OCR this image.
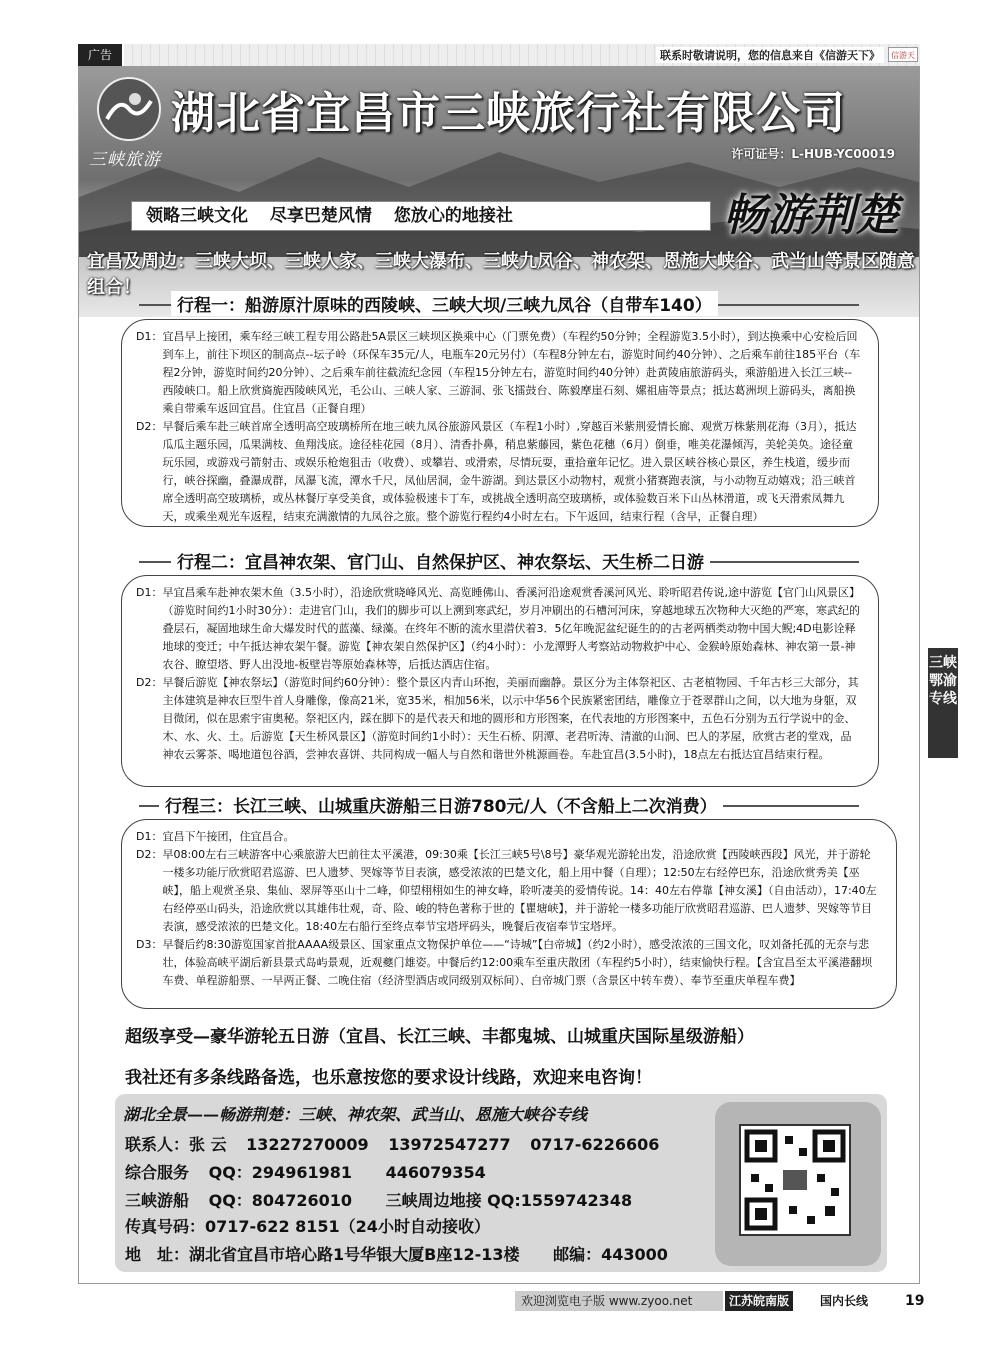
广告	联系时敬请说明，您的信息来自《信游天下》	信游天
三峡旅游
湖北省宜昌市三峡旅行社有限公司
许可证号：L-HUB-YC00019
领略三峡文化 尽享巴楚风情 您放心的地接社	畅游荆楚
宜昌及周边：三峡大坝、三峡人家、三峡大瀑布、三峡九凤谷、神农架、恩施大峡谷、武当山等景区随意组合！
行程一：船游原汁原味的西陵峡、三峡大坝/三峡九凤谷（自带车140）
D1： 宜昌早上接团，乘车经三峡工程专用公路赴5A景区三峡坝区换乘中心（门票免费）（车程约50分钟；全程游览3.5小时），到达换乘中心安检后回到车上，前往下坝区的制高点--坛子岭（环保车35元/人，电瓶车20元另付）（车程8分钟左右，游览时间约40分钟）、之后乘车前往185平台（车程2分钟，游览时间约20分钟）、之后乘车前往截流纪念园（车程15分钟左右，游览时间约40分钟）赴黄陵庙旅游码头，乘游船进入长江三峡--西陵峡口。船上欣赏旖旎西陵峡风光，毛公山、三峡人家、三游洞、张飞擂鼓台、陈毅摩崖石刻、嫘祖庙等景点；抵达葛洲坝上游码头，离船换乘自带乘车返回宜昌。住宜昌（正餐自理）
D2： 早餐后乘车赴三峡首席全透明高空玻璃桥所在地三峡九凤谷旅游风景区（车程1小时）,穿越百米紫荆爱情长廊、观赏万株紫荆花海（3月），抵达瓜瓜主题乐园，瓜果满枝、鱼翔浅底。途径桂花园（8月）、清香扑鼻，稍息紫藤园，紫色花穗（6月）倒垂，唯美花瀑倾泻，美轮美奂。途径童玩乐园，或游戏弓箭射击、或娱乐枪炮狙击（收费）、或攀岩、或滑索，尽情玩耍，重拾童年记忆。进入景区峡谷核心景区，养生栈道，缓步而行，峡谷探幽，叠瀑成群，凤瀑飞流，潭水千尺，凤仙居洞，金牛游湖。到达景区小动物村，观赏小猪赛跑表演，与小动物互动嬉戏；沿三峡首席全透明高空玻璃桥，或丛林餐厅享受美食，或体验极速卡丁车，或挑战全透明高空玻璃桥，或体验数百米下山丛林滑道，或飞天滑索凤舞九天，或乘坐观光车返程，结束充满激情的九凤谷之旅。整个游览行程约4小时左右。下午返回，结束行程（含早，正餐自理）
行程二：宜昌神农架、官门山、自然保护区、神农祭坛、天生桥二日游
D1： 早宜昌乘车赴神农架木鱼（3.5小时），沿途欣赏晓峰风光、高览睡佛山、香溪河沿途观赏香溪河风光、聆听昭君传说,途中游览【官门山风景区】（游览时间约1小时30分）：走进官门山，我们的脚步可以上溯到寒武纪，岁月冲刷出的石槽河河床，穿越地球五次物种大灭绝的严寒，寒武纪的叠层石，凝固地球生命大爆发时代的蓝藻、绿藻。在终年不断的流水里潜伏着3．5亿年晚泥盆纪诞生的的古老两栖类动物中国大鲵;4D电影诠释地球的变迁；中午抵达神农架午餐。游览【神农架自然保护区】（约4小时）：小龙潭野人考察站动物救护中心、金猴岭原始森林、神农第一景-神农谷、瞭望塔、野人出没地-板壁岩等原始森林等，后抵达酒店住宿。
D2： 早餐后游览【神农祭坛】（游览时间约60分钟）：整个景区内青山环抱，美丽而幽静。景区分为主体祭祀区、古老植物园、千年古杉三大部分，其主体建筑是神农巨型牛首人身雕像，像高21米，宽35米，相加56米，以示中华56个民族紧密团结，雕像立于苍翠群山之间，以大地为身躯，双目微闭，似在思索宇宙奥秘。祭祀区内，踩在脚下的是代表天和地的圆形和方形图案，在代表地的方形图案中，五色石分别为五行学说中的金、木、水、火、土。后游览【天生桥风景区】（游览时间约1小时）：天生石桥、阴潭、老君听涛、清澈的山涧、巴人的茅屋，欣赏古老的堂戏，品神农云雾茶、喝地道包谷酒，尝神农喜饼、共同构成一幅人与自然和谐世外桃源画卷。车赴宜昌(3.5小时)，18点左右抵达宜昌结束行程。
行程三：长江三峡、山城重庆游船三日游780元/人（不含船上二次消费）
D1： 宜昌下午接团，住宜昌合。
D2： 早08:00左右三峡游客中心乘旅游大巴前往太平溪港，09:30乘【长江三峡5号\8号】豪华观光游轮出发，沿途欣赏【西陵峡西段】风光，并于游轮一楼多功能厅欣赏昭君巡游、巴人遗梦、哭嫁等节目表演，感受浓浓的巴楚文化，船上用中餐（自理）；12:50左右经停巴东，沿途欣赏秀美【巫峡】，船上观赏圣泉、集仙、翠屏等巫山十二峰，仰望栩栩如生的神女峰，聆听凄美的爱情传说。14：40左右停靠【神女溪】（自由活动），17:40左右经停巫山码头，沿途欣赏以其雄伟壮观，奇、险、峻的特色著称于世的【瞿塘峡】，并于游轮一楼多功能厅欣赏昭君巡游、巴人遗梦、哭嫁等节目表演，感受浓浓的巴楚文化。18:40左右船行至终点奉节宝塔坪码头，晚餐后夜宿奉节宝塔坪。
D3： 早餐后约8:30游览国家首批AAAA级景区、国家重点文物保护单位——“诗城”【白帝城】（约2小时），感受浓浓的三国文化，叹刘备托孤的无奈与悲壮，体验高峡平湖后新县景式岛屿景观，近观夔门雄姿。中餐后约12:00乘车至重庆散团（车程约5小时），结束愉快行程。【含宜昌至太平溪港翻坝车费、单程游船票、一早两正餐、二晚住宿（经济型酒店或同级别双标间）、白帝城门票（含景区中转车费）、奉节至重庆单程车费】
超级享受—豪华游轮五日游（宜昌、长江三峡、丰都鬼城、山城重庆国际星级游船）
我社还有多条线路备选，也乐意按您的要求设计线路，欢迎来电咨询！
湖北全景——畅游荆楚：三峡、神农架、武当山、恩施大峡谷专线
联系人：张 云 13227270009 13972547277 0717-6226606
综合服务 QQ：294961981 446079354
三峡游船 QQ：804726010 三峡周边地接 QQ:1559742348
传真号码：0717-622 8151（24小时自动接收）
地　址：湖北省宜昌市培心路1号华银大厦B座12-13楼 邮编：443000
三峡
鄂渝
专线
欢迎浏览电子版 www.zyoo.net	江苏皖南版	国内长线	19
